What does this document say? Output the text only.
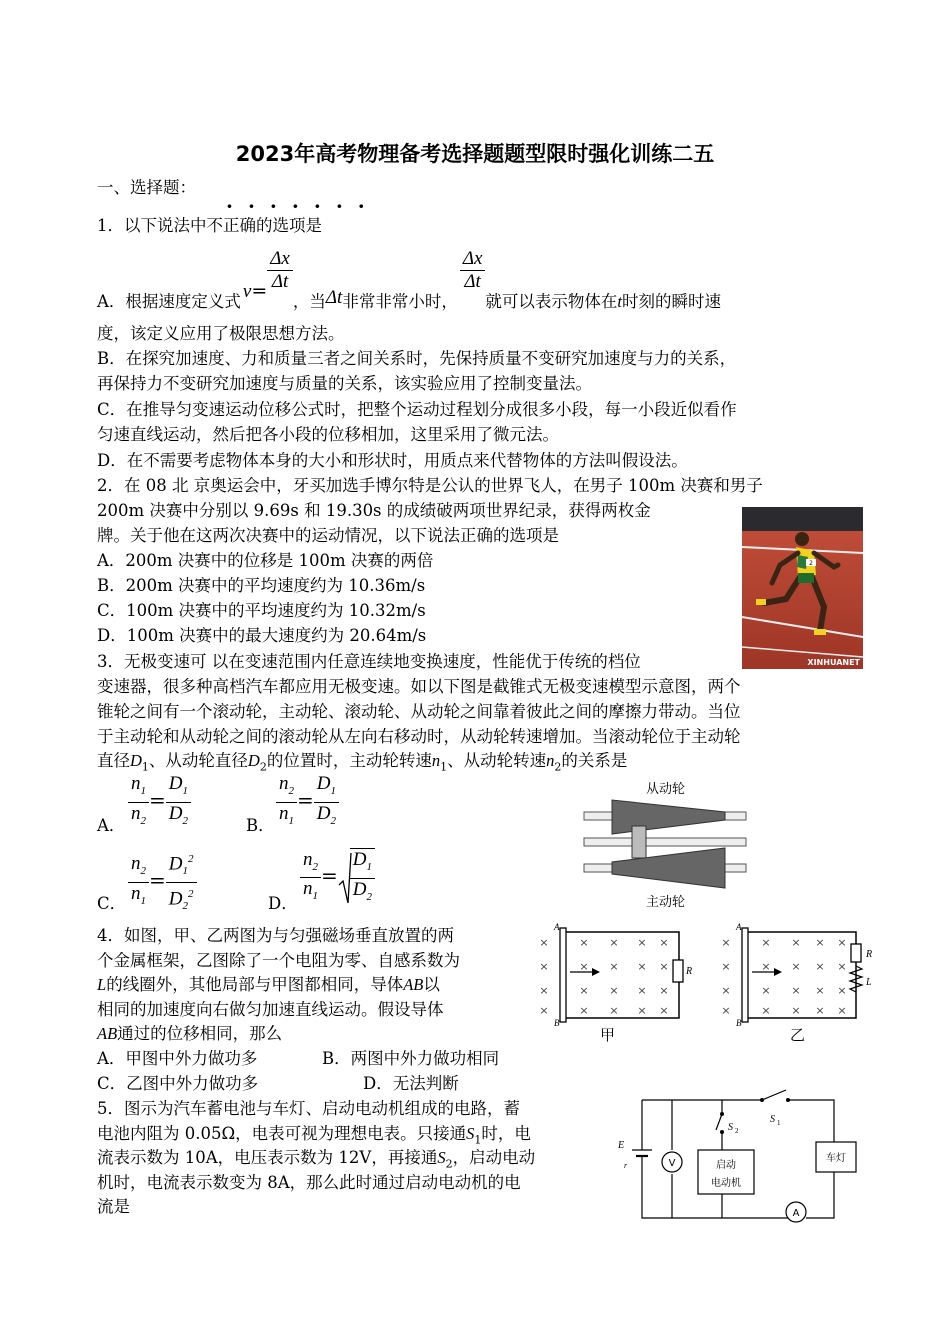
2023年高考物理备考选择题题型限时强化训练二五
一、选择题：
·······
1．以下说法中不正确的选项是
A．根据速度定义式 $v= \frac{\Delta x}{\Delta t}$
，当Δt非常非常小时，
$\frac{\Delta x}{\Delta t}$
就可以表示物体在t时刻的瞬时速
度，该定义应用了极限思想方法。
B．在探究加速度、力和质量三者之间关系时，先保持质量不变研究加速度与力的关系，
再保持力不变研究加速度与质量的关系，该实验应用了控制变量法。
C．在推导匀变速运动位移公式时，把整个运动过程划分成很多小段，每一小段近似看作
匀速直线运动，然后把各小段的位移相加，这里采用了微元法。
D．在不需要考虑物体本身的大小和形状时，用质点来代替物体的方法叫假设法。
2．在 08 北 京奥运会中，牙买加选手博尔特是公认的世界飞人，在男子 100m 决赛和男子
200m 决赛中分别以 9.69s 和 19.30s 的成绩破两项世界纪录，获得两枚金
牌。关于他在这两次决赛中的运动情况，以下说法正确的选项是
A．200m 决赛中的位移是 100m 决赛的两倍
B．200m 决赛中的平均速度约为 10.36m/s
C．100m 决赛中的平均速度约为 10.32m/s
D．100m 决赛中的最大速度约为 20.64m/s
2
XINHUANET
3．无极变速可 以在变速范围内任意连续地变换速度，性能优于传统的档位
变速器，很多种高档汽车都应用无极变速。如以下图是截锥式无极变速模型示意图，两个
锥轮之间有一个滚动轮，主动轮、滚动轮、从动轮之间靠着彼此之间的摩擦力带动。当位
于主动轮和从动轮之间的滚动轮从左向右移动时，从动轮转速增加。当滚动轮位于主动轮
直径$D_1$、从动轮直径$D_2$的位置时，主动轮转速$n_1$、从动轮转速$n_2$的关系是
A． $\frac{n_1}{n_2} = \frac{D_1}{D_2}$	B． $\frac{n_2}{n_1} = \frac{D_1}{D_2}$
C． $\frac{n_2}{n_1} = \frac{D_1^2}{D_2^2}$	D． $\frac{n_2}{n_1} = \frac{D_1}{D_2}$
从动轮
主动轮
4．如图，甲、乙两图为与匀强磁场垂直放置的两
个金属框架，乙图除了一个电阻为零、自感系数为
L的线圈外，其他局部与甲图都相同，导体AB以
相同的加速度向右做匀加速直线运动。假设导体
AB通过的位移相同，那么
A．甲图中外力做功多	B．两图中外力做功相同
C．乙图中外力做功多	D．无法判断
× × × ×
× × × ×
× × × ×
× × × ×
×
×
×
×
A
B
R
甲
× × × ×
× × × ×
× × × ×
× × × ×
×
×
×
×
A
B
R
L
乙
5．图示为汽车蓄电池与车灯、启动电动机组成的电路，蓄
电池内阻为 0.05Ω，电表可视为理想电表。只接通$S_1$时，电
流表示数为 10A，电压表示数为 12V，再接通$S_2$，启动电动
机时，电流表示数变为 8A，那么此时通过启动电动机的电
流是
E
r
S 2
S 1
V
A
启动
电动机
车灯
